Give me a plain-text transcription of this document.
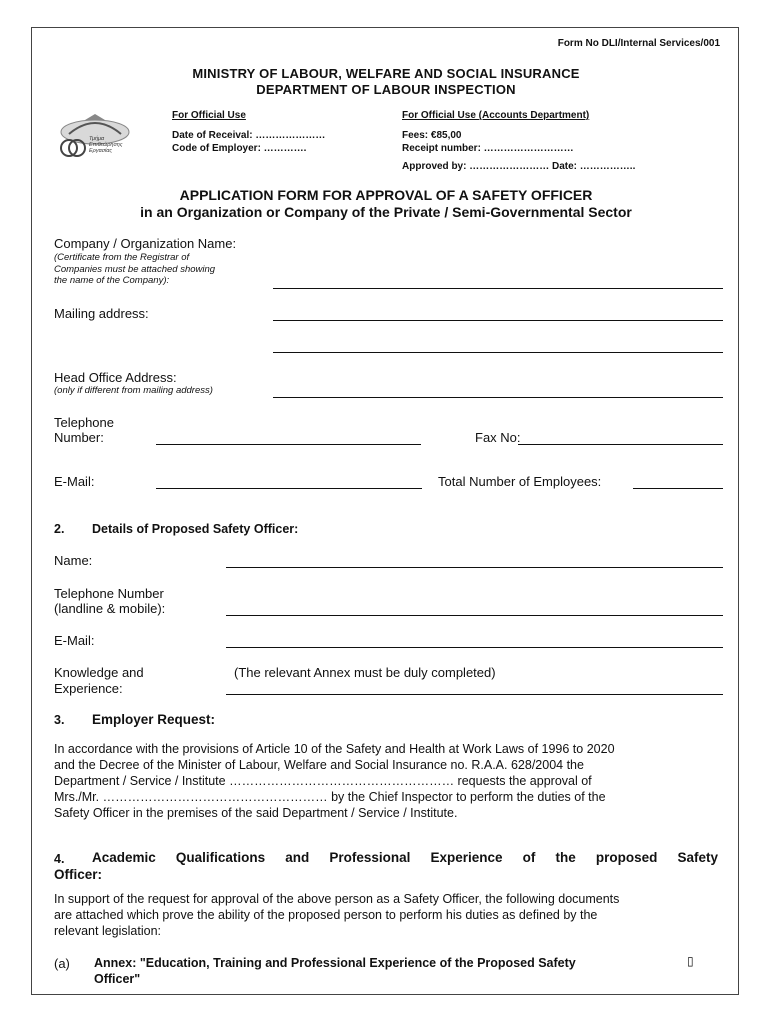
Form No DLI/Internal Services/001
MINISTRY OF LABOUR, WELFARE AND SOCIAL INSURANCE
DEPARTMENT OF LABOUR INSPECTION
Τμήμα
Επιθεώρησης
Εργασίας
For Official Use
Date of Receival: …………………
Code of Employer: ………….
For Official Use (Accounts Department)
Fees: €85,00
Receipt number: ………………………
Approved by: …………………… Date: ……………..
APPLICATION FORM FOR APPROVAL OF A SAFETY OFFICER
in an Organization or Company of the Private / Semi-Governmental Sector
Company / Organization Name:
(Certificate from the Registrar of
Companies must be attached showing
the name of the Company):
Mailing address:
Head Office Address:
(only if different from mailing address)
Telephone
Number:	Fax No:
E-Mail:	Total Number of Employees:
2. Details of Proposed Safety Officer:
Name:
Telephone Number
(landline & mobile):
E-Mail:
Knowledge and
Experience:
(The relevant Annex must be duly completed)
3. Employer Request:
In accordance with the provisions of Article 10 of the Safety and Health at Work Laws of 1996 to 2020
and the Decree of the Minister of Labour, Welfare and Social Insurance no. R.A.A. 628/2004 the
Department / Service / Institute ……………………………………………… requests the approval of
Mrs./Mr. ……………………………………………… by the Chief Inspector to perform the duties of the
Safety Officer in the premises of the said Department / Service / Institute.
4. Academic Qualifications and Professional Experience of the proposed Safety
Officer:
In support of the request for approval of the above person as a Safety Officer, the following documents
are attached which prove the ability of the proposed person to perform his duties as defined by the
relevant legislation:
(a) Annex: "Education, Training and Professional Experience of the Proposed Safety
Officer"
▯
